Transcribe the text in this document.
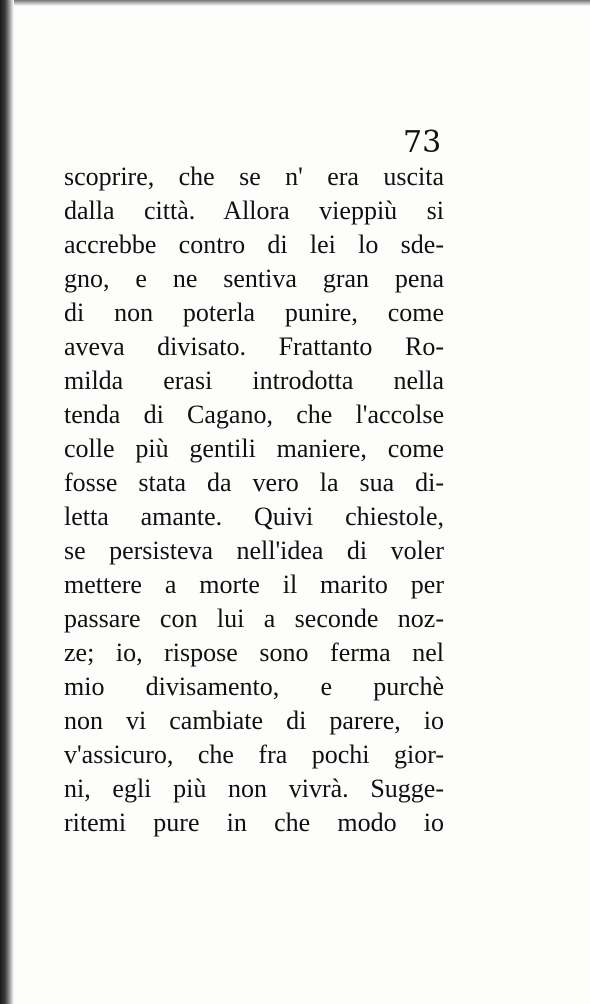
73
scoprire, che se n' era uscita
dalla città. Allora vieppiù si
accrebbe contro di lei lo sde-
gno, e ne sentiva gran pena
di non poterla punire, come
aveva divisato. Frattanto Ro-
milda erasi introdotta nella
tenda di Cagano, che l'accolse
colle più gentili maniere, come
fosse stata da vero la sua di-
letta amante. Quivi chiestole,
se persisteva nell'idea di voler
mettere a morte il marito per
passare con lui a seconde noz-
ze; io, rispose sono ferma nel
mio divisamento, e purchè
non vi cambiate di parere, io
v'assicuro, che fra pochi gior-
ni, egli più non vivrà. Sugge-
ritemi pure in che modo io
